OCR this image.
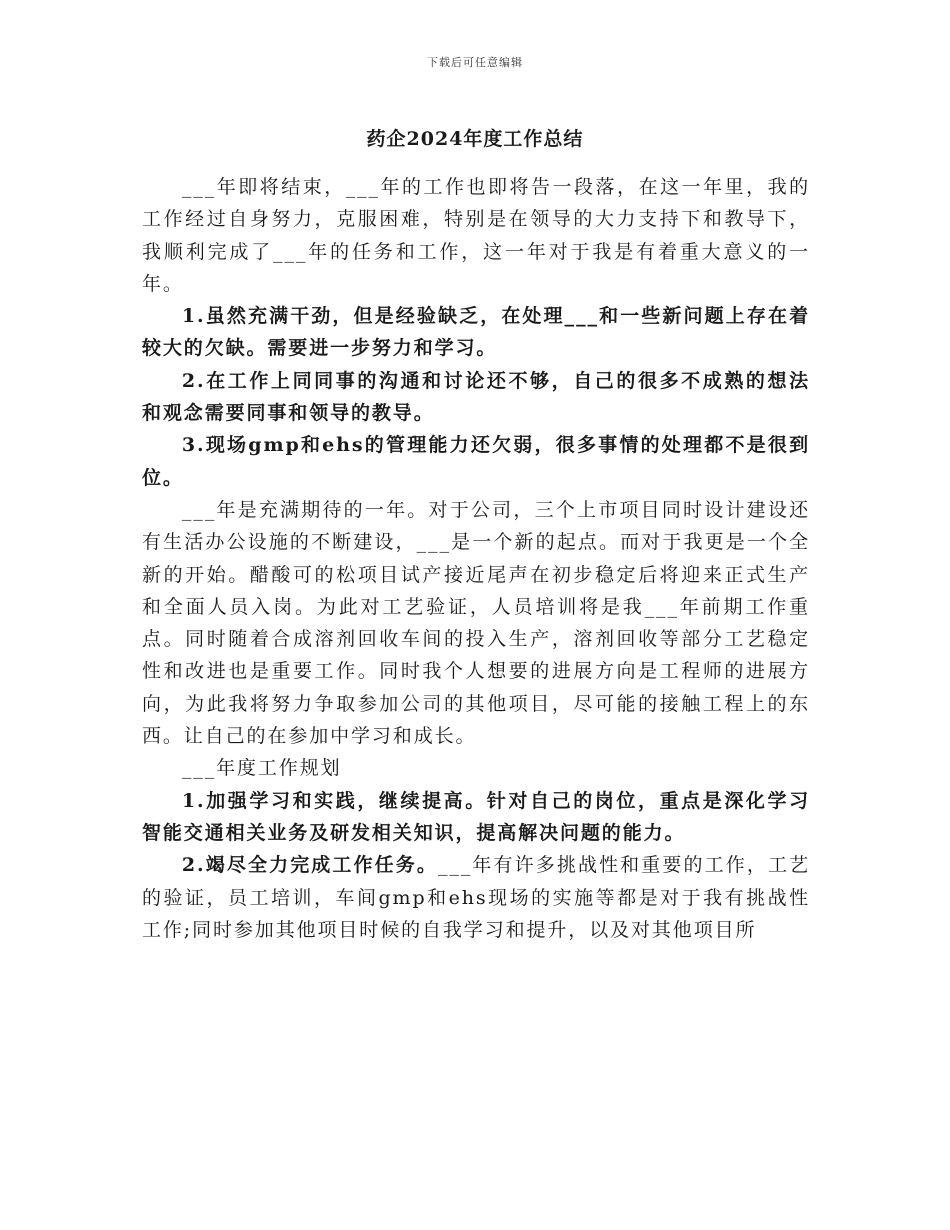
下载后可任意编辑
药企2024年度工作总结

___年即将结束，___年的工作也即将告一段落，在这一年里，我的工作经过自身努力，克服困难，特别是在领导的大力支持下和教导下，我顺利完成了___年的任务和工作，这一年对于我是有着重大意义的一年。

1.虽然充满干劲，但是经验缺乏，在处理___和一些新问题上存在着较大的欠缺。需要进一步努力和学习。

2.在工作上同同事的沟通和讨论还不够，自己的很多不成熟的想法和观念需要同事和领导的教导。

3.现场gmp和ehs的管理能力还欠弱，很多事情的处理都不是很到位。

___年是充满期待的一年。对于公司，三个上市项目同时设计建设还有生活办公设施的不断建设，___是一个新的起点。而对于我更是一个全新的开始。醋酸可的松项目试产接近尾声在初步稳定后将迎来正式生产和全面人员入岗。为此对工艺验证，人员培训将是我___年前期工作重点。同时随着合成溶剂回收车间的投入生产，溶剂回收等部分工艺稳定性和改进也是重要工作。同时我个人想要的进展方向是工程师的进展方向，为此我将努力争取参加公司的其他项目，尽可能的接触工程上的东西。让自己的在参加中学习和成长。

___年度工作规划

1.加强学习和实践，继续提高。针对自己的岗位，重点是深化学习智能交通相关业务及研发相关知识，提高解决问题的能力。

2.竭尽全力完成工作任务。___年有许多挑战性和重要的工作，工艺的验证，员工培训，车间gmp和ehs现场的实施等都是对于我有挑战性工作;同时参加其他项目时候的自我学习和提升，以及对其他项目所
